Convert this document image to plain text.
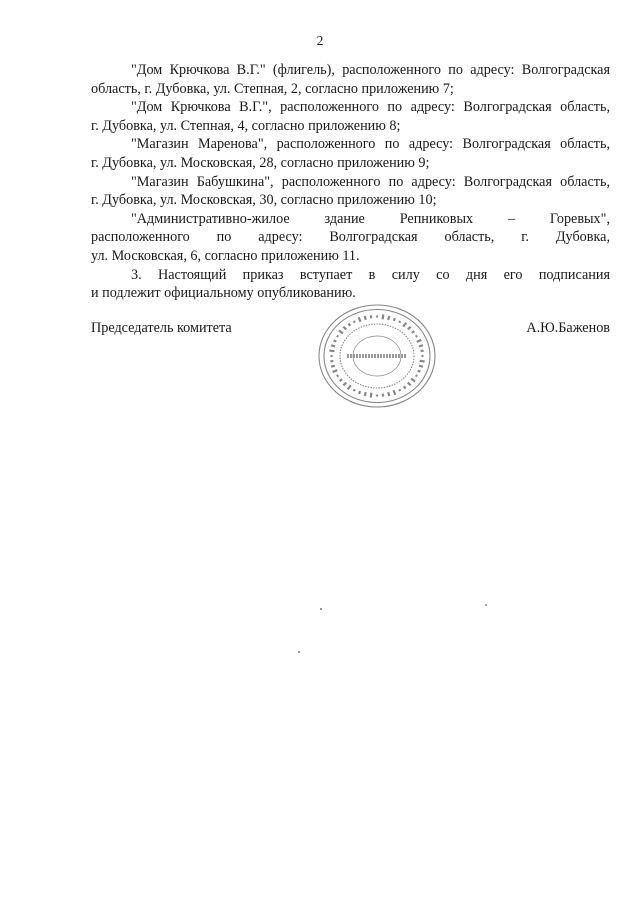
2

"Дом Крючкова В.Г." (флигель), расположенного по адресу: Волгоградская

область, г. Дубовка, ул. Степная, 2, согласно приложению 7;

"Дом Крючкова В.Г.", расположенного по адресу: Волгоградская область,

г. Дубовка, ул. Степная, 4, согласно приложению 8;

"Магазин Маренова", расположенного по адресу: Волгоградская область,

г. Дубовка, ул. Московская, 28, согласно приложению 9;

"Магазин Бабушкина", расположенного по адресу: Волгоградская область,

г. Дубовка, ул. Московская, 30, согласно приложению 10;

"Административно-жилое здание Репниковых – Горевых",

расположенного по адресу: Волгоградская область, г. Дубовка,

ул. Московская, 6, согласно приложению 11.

3. Настоящий приказ вступает в силу со дня его подписания

и подлежит официальному опубликованию.

Председатель комитета	А.Ю.Баженов
